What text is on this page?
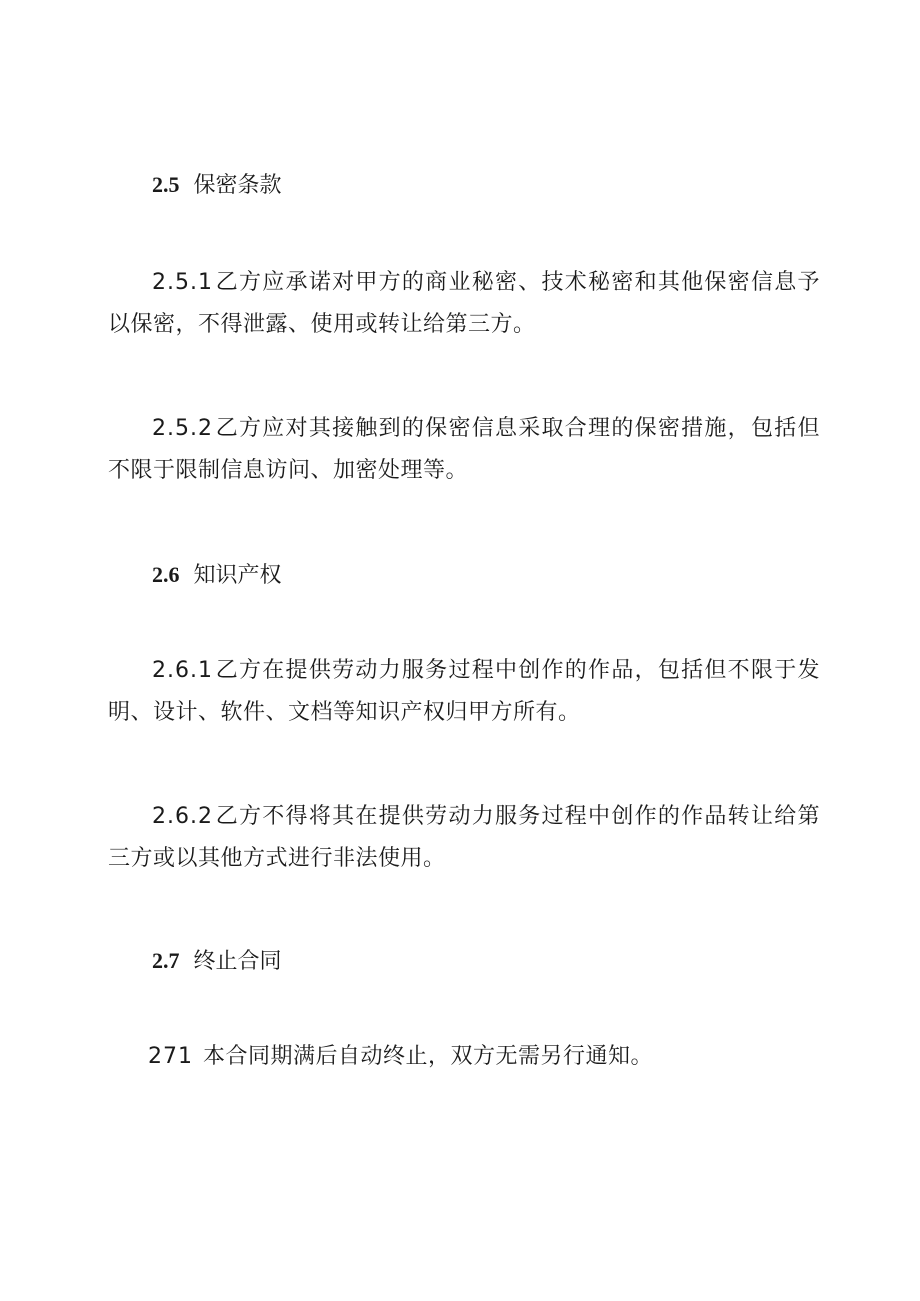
2.5 保密条款
2.5.1乙方应承诺对甲方的商业秘密、技术秘密和其他保密信息予以保密，不得泄露、使用或转让给第三方。
2.5.2乙方应对其接触到的保密信息采取合理的保密措施，包括但不限于限制信息访问、加密处理等。
2.6 知识产权
2.6.1乙方在提供劳动力服务过程中创作的作品，包括但不限于发明、设计、软件、文档等知识产权归甲方所有。
2.6.2乙方不得将其在提供劳动力服务过程中创作的作品转让给第三方或以其他方式进行非法使用。
2.7 终止合同
271 本合同期满后自动终止，双方无需另行通知。
